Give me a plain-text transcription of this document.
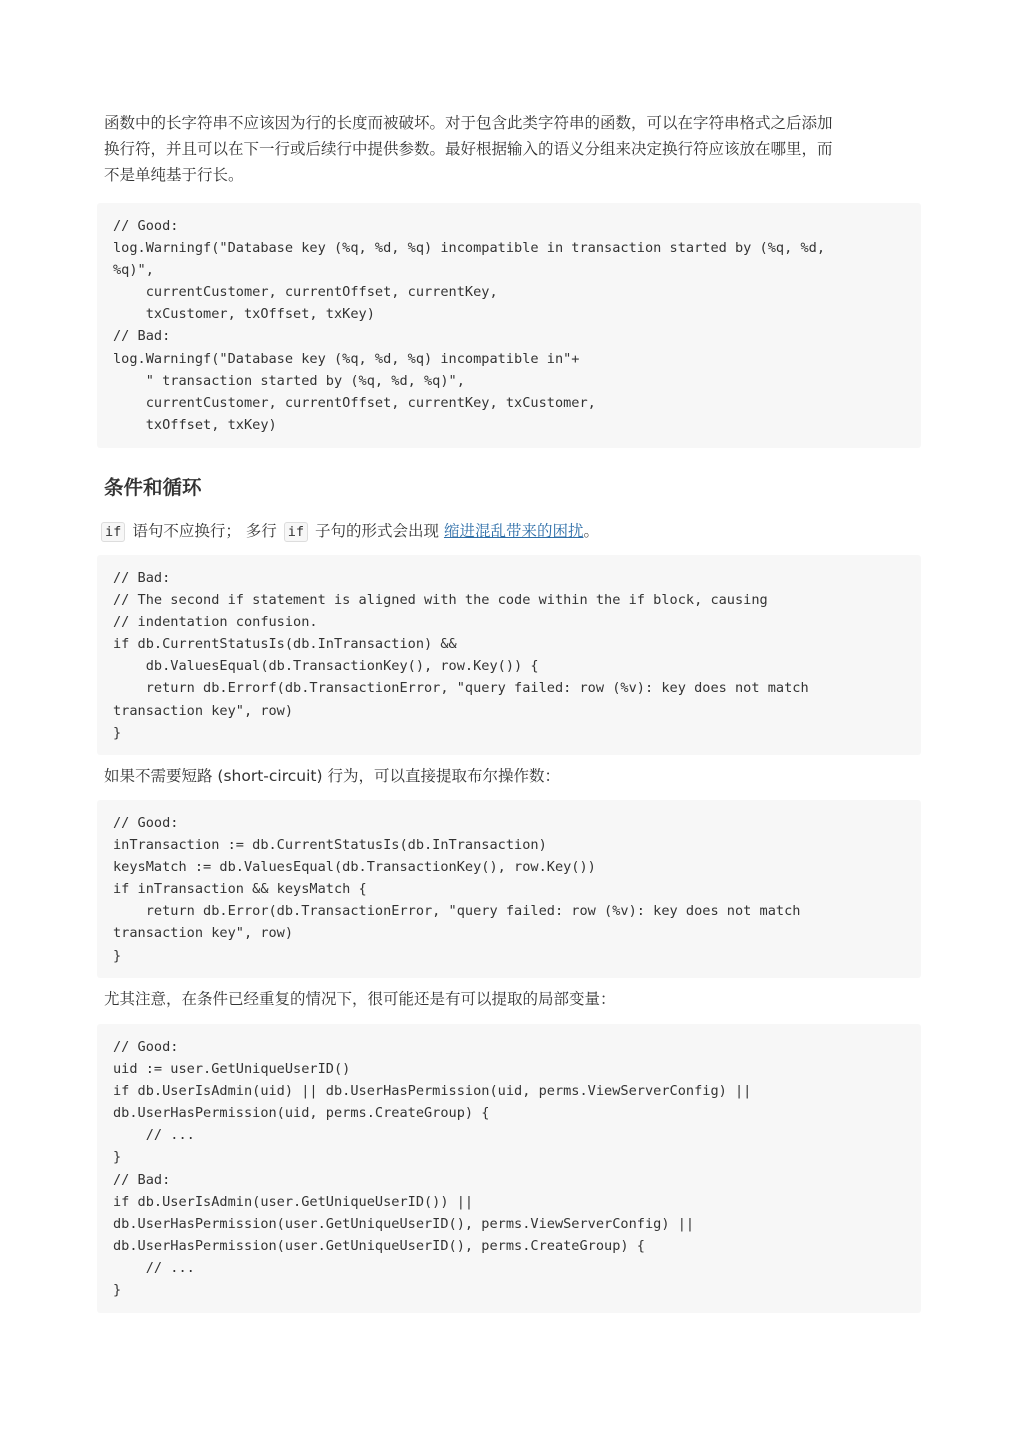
函数中的长字符串不应该因为行的长度而被破坏。对于包含此类字符串的函数，可以在字符串格式之后添加
换行符，并且可以在下一行或后续行中提供参数。最好根据输入的语义分组来决定换行符应该放在哪里，而
不是单纯基于行长。
// Good:
log.Warningf("Database key (%q, %d, %q) incompatible in transaction started by (%q, %d,
%q)",
currentCustomer, currentOffset, currentKey,
txCustomer, txOffset, txKey)
// Bad:
log.Warningf("Database key (%q, %d, %q) incompatible in"+
" transaction started by (%q, %d, %q)",
currentCustomer, currentOffset, currentKey, txCustomer,
txOffset, txKey)
条件和循环
if 语句不应换行； 多行 if 子句的形式会出现 缩进混乱带来的困扰。
// Bad:
// The second if statement is aligned with the code within the if block, causing
// indentation confusion.
if db.CurrentStatusIs(db.InTransaction) &&
db.ValuesEqual(db.TransactionKey(), row.Key()) {
return db.Errorf(db.TransactionError, "query failed: row (%v): key does not match
transaction key", row)
}
如果不需要短路 (short-circuit) 行为，可以直接提取布尔操作数：
// Good:
inTransaction := db.CurrentStatusIs(db.InTransaction)
keysMatch := db.ValuesEqual(db.TransactionKey(), row.Key())
if inTransaction && keysMatch {
return db.Error(db.TransactionError, "query failed: row (%v): key does not match
transaction key", row)
}
尤其注意，在条件已经重复的情况下，很可能还是有可以提取的局部变量：
// Good:
uid := user.GetUniqueUserID()
if db.UserIsAdmin(uid) || db.UserHasPermission(uid, perms.ViewServerConfig) ||
db.UserHasPermission(uid, perms.CreateGroup) {
// ...
}
// Bad:
if db.UserIsAdmin(user.GetUniqueUserID()) ||
db.UserHasPermission(user.GetUniqueUserID(), perms.ViewServerConfig) ||
db.UserHasPermission(user.GetUniqueUserID(), perms.CreateGroup) {
// ...
}
